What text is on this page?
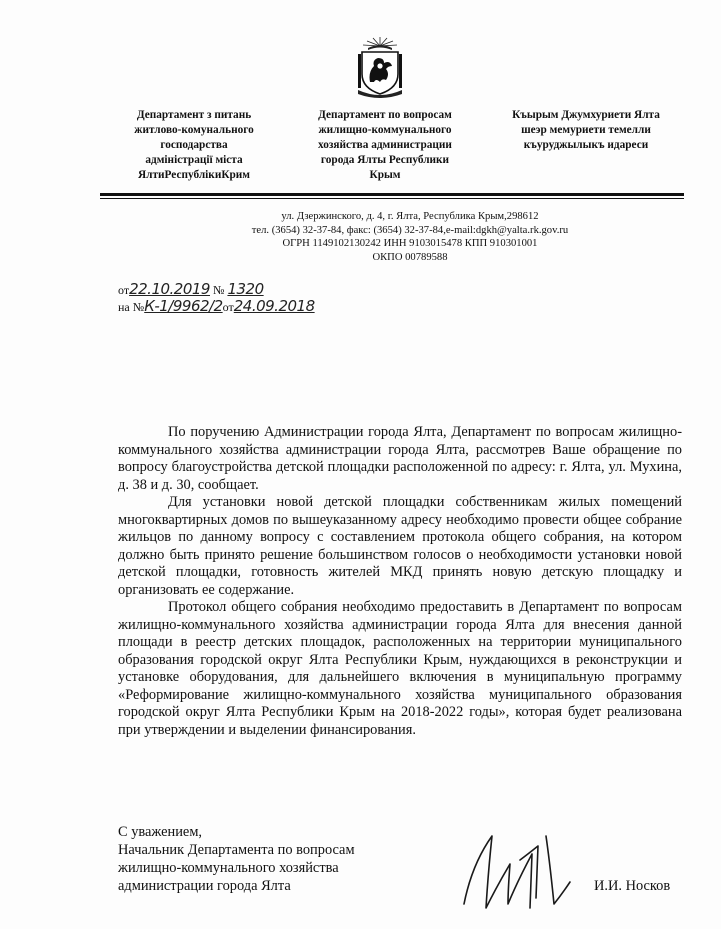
Департамент з питань
житлово-комунального
господарства
адміністрації міста
ЯлтиРеспублікиКрим
Департамент по вопросам
жилищно-коммунального
хозяйства администрации
города Ялты Республики
Крым
Къырым Джумхуриети Ялта
шеэр мемуриети темелли
къуруджылыкъ идареси
ул. Дзержинского, д. 4, г. Ялта, Республика Крым,298612
тел. (3654) 32-37-84, факс: (3654) 32-37-84,e-mail:dgkh@yalta.rk.gov.ru
ОГРН 1149102130242 ИНН 9103015478 КПП 910301001
ОКПО 00789588
от22.10.2019 № 1320
на №К-1/9962/2от24.09.2018

По поручению Администрации города Ялта, Департамент по вопросам жилищно-коммунального хозяйства администрации города Ялта, рассмотрев Ваше обращение по вопросу благоустройства детской площадки расположенной по адресу: г. Ялта, ул. Мухина, д. 38 и д. 30, сообщает.

Для установки новой детской площадки собственникам жилых помещений многоквартирных домов по вышеуказанному адресу необходимо провести общее собрание жильцов по данному вопросу с составлением протокола общего собрания, на котором должно быть принято решение большинством голосов о необходимости установки новой детской площадки, готовность жителей МКД принять новую детскую площадку и организовать ее содержание.

Протокол общего собрания необходимо предоставить в Департамент по вопросам жилищно-коммунального хозяйства администрации города Ялта для внесения данной площади в реестр детских площадок, расположенных на территории муниципального образования городской округ Ялта Республики Крым, нуждающихся в реконструкции и установке оборудования, для дальнейшего включения в муниципальную программу «Реформирование жилищно-коммунального хозяйства муниципального образования городской округ Ялта Республики Крым на 2018-2022 годы», которая будет реализована при утверждении и выделении финансирования.

С уважением,
Начальник Департамента по вопросам
жилищно-коммунального хозяйства
администрации города Ялта	И.И. Носков
